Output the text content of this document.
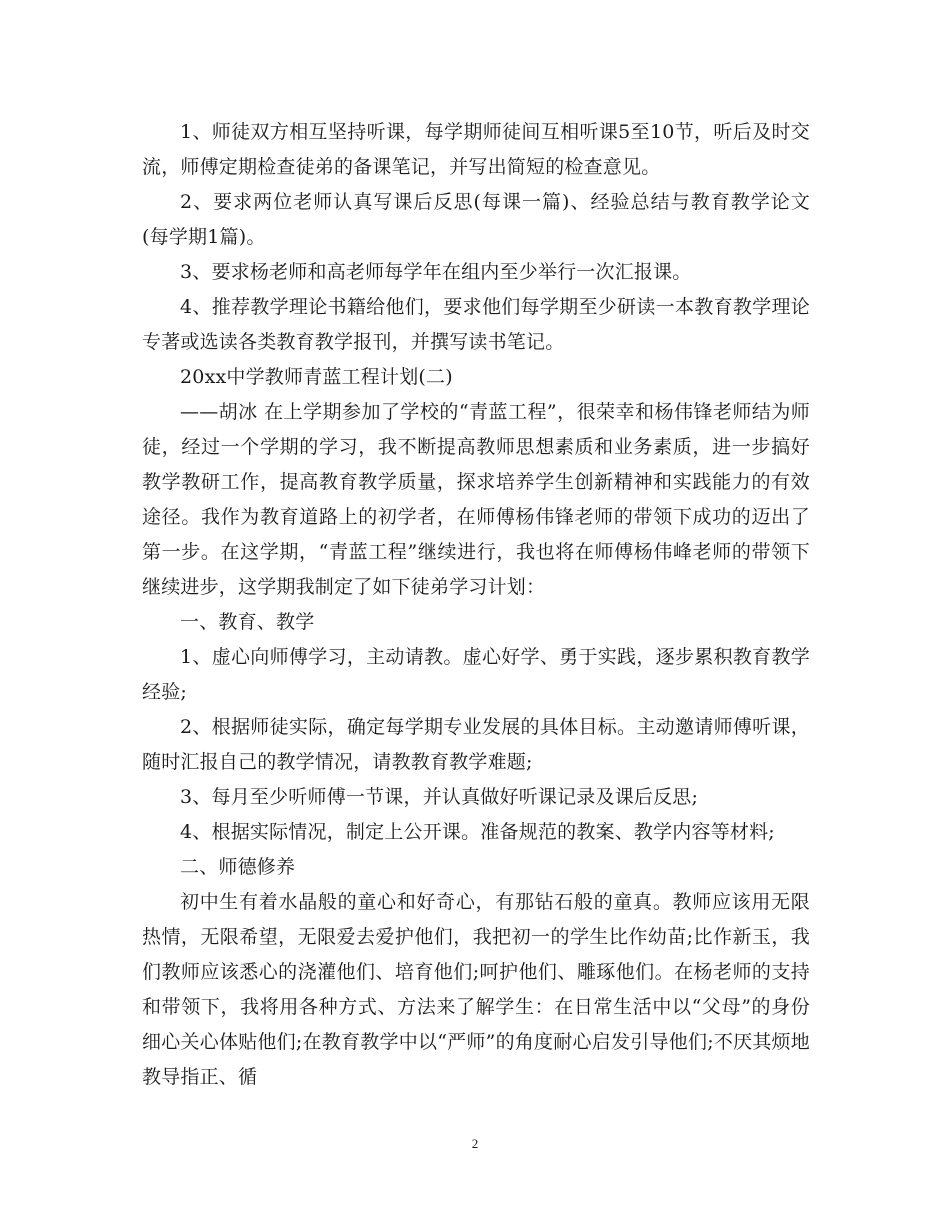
1、师徒双方相互坚持听课，每学期师徒间互相听课5至10节，听后及时交流，师傅定期检查徒弟的备课笔记，并写出简短的检查意见。

2、要求两位老师认真写课后反思(每课一篇)、经验总结与教育教学论文(每学期1篇)。

3、要求杨老师和高老师每学年在组内至少举行一次汇报课。

4、推荐教学理论书籍给他们，要求他们每学期至少研读一本教育教学理论专著或选读各类教育教学报刊，并撰写读书笔记。

20xx中学教师青蓝工程计划(二)

——胡冰 在上学期参加了学校的“青蓝工程”，很荣幸和杨伟锋老师结为师徒，经过一个学期的学习，我不断提高教师思想素质和业务素质，进一步搞好教学教研工作，提高教育教学质量，探求培养学生创新精神和实践能力的有效途径。我作为教育道路上的初学者，在师傅杨伟锋老师的带领下成功的迈出了第一步。在这学期，“青蓝工程”继续进行，我也将在师傅杨伟峰老师的带领下继续进步，这学期我制定了如下徒弟学习计划：

一、教育、教学

1、虚心向师傅学习，主动请教。虚心好学、勇于实践，逐步累积教育教学经验;

2、根据师徒实际，确定每学期专业发展的具体目标。主动邀请师傅听课，随时汇报自己的教学情况，请教教育教学难题;

3、每月至少听师傅一节课，并认真做好听课记录及课后反思;

4、根据实际情况，制定上公开课。准备规范的教案、教学内容等材料;

二、师德修养

初中生有着水晶般的童心和好奇心，有那钻石般的童真。教师应该用无限热情，无限希望，无限爱去爱护他们，我把初一的学生比作幼苗;比作新玉，我们教师应该悉心的浇灌他们、培育他们;呵护他们、雕琢他们。在杨老师的支持和带领下，我将用各种方式、方法来了解学生：在日常生活中以“父母”的身份细心关心体贴他们;在教育教学中以“严师”的角度耐心启发引导他们;不厌其烦地教导指正、循

2
